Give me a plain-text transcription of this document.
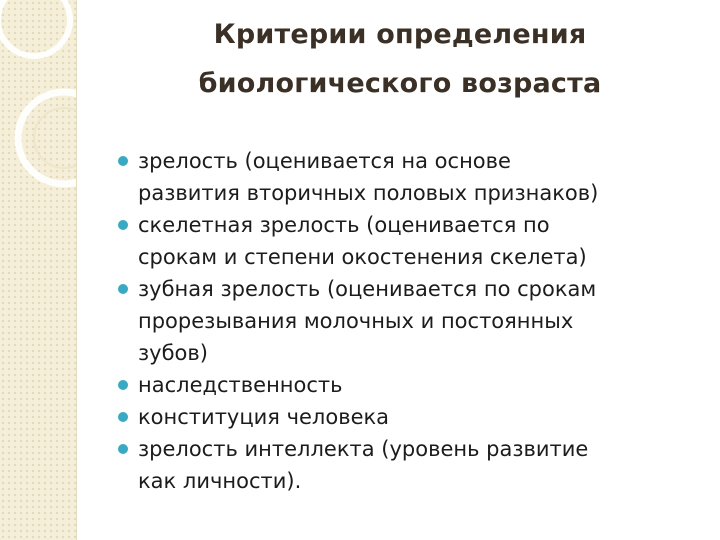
Критерии определения
биологического возраста
зрелость (оценивается на основе
развития вторичных половых признаков)
скелетная зрелость (оценивается по
срокам и степени окостенения скелета)
зубная зрелость (оценивается по срокам
прорезывания молочных и постоянных
зубов)
наследственность
конституция человека
зрелость интеллекта (уровень развитие
как личности).
